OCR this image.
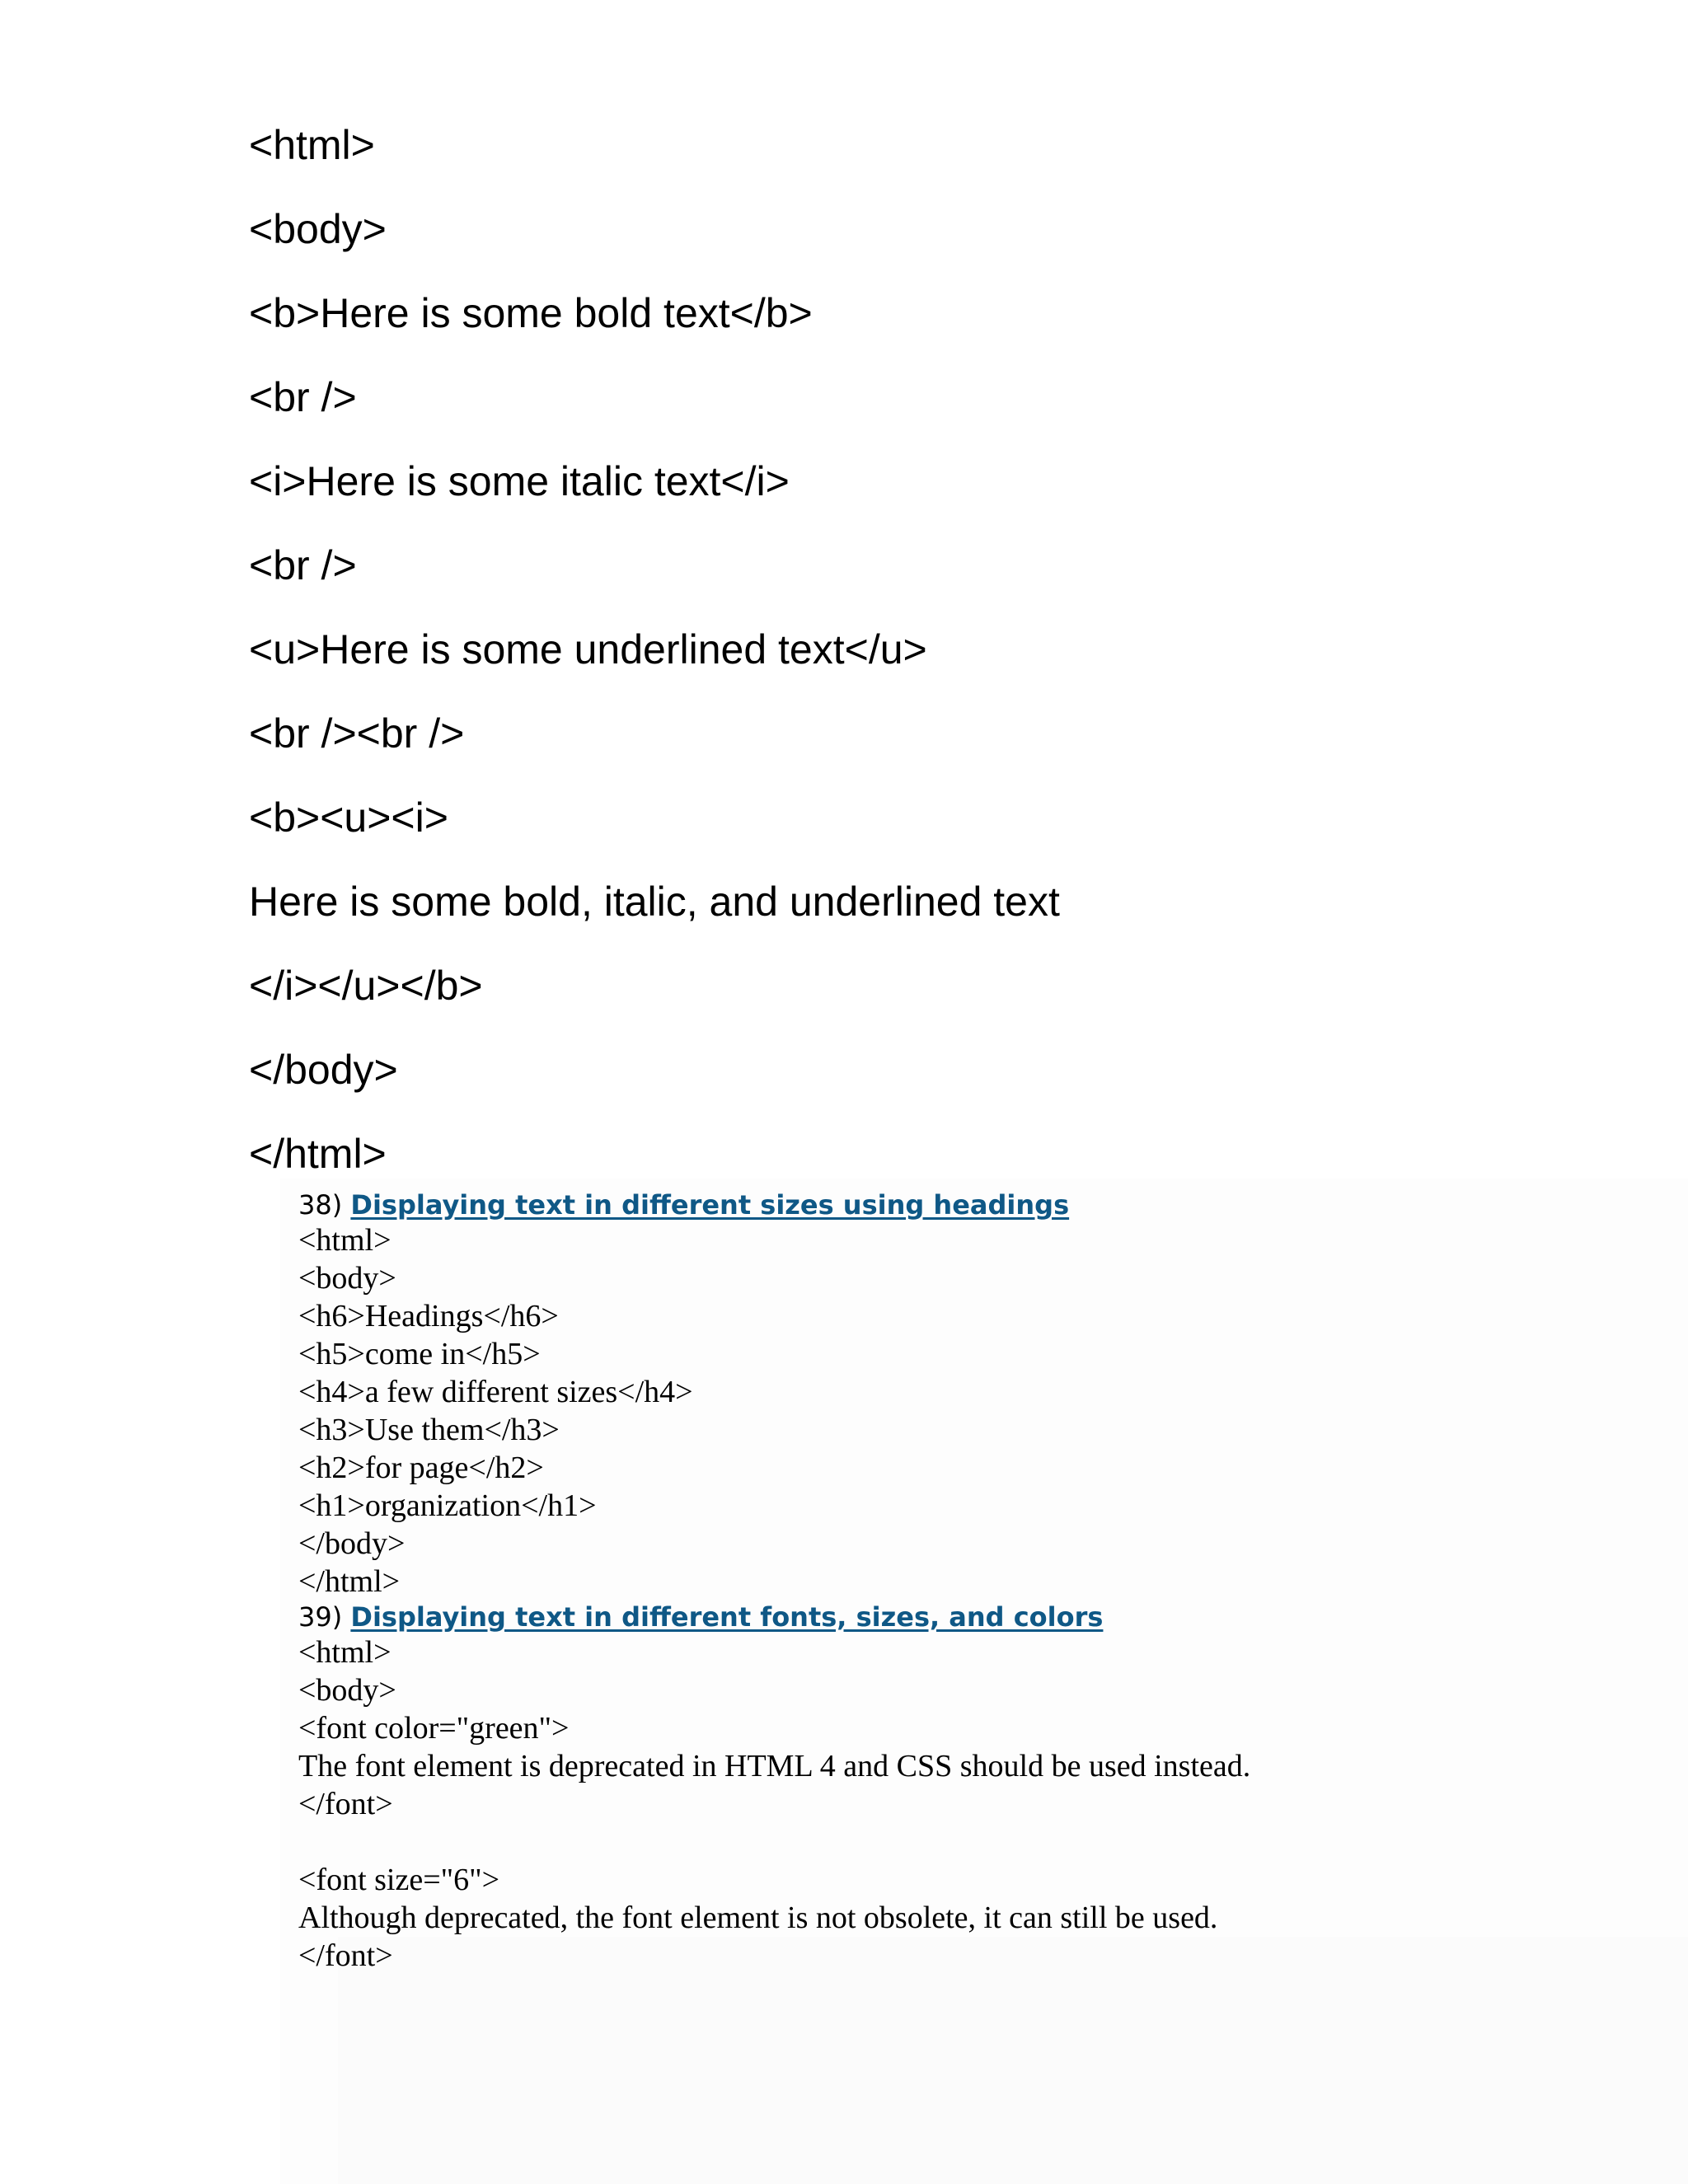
<html>
<body>
<b>Here is some bold text</b>
<br />
<i>Here is some italic text</i>
<br />
<u>Here is some underlined text</u>
<br /><br />
<b><u><i>
Here is some bold, italic, and underlined text
</i></u></b>
</body>
</html>
38) Displaying text in different sizes using headings
<html>
<body>
<h6>Headings</h6>
<h5>come in</h5>
<h4>a few different sizes</h4>
<h3>Use them</h3>
<h2>for page</h2>
<h1>organization</h1>
</body>
</html>
39) Displaying text in different fonts, sizes, and colors
<html>
<body>
<font color="green">
The font element is deprecated in HTML 4 and CSS should be used instead.
</font>
<font size="6">
Although deprecated, the font element is not obsolete, it can still be used.
</font>
